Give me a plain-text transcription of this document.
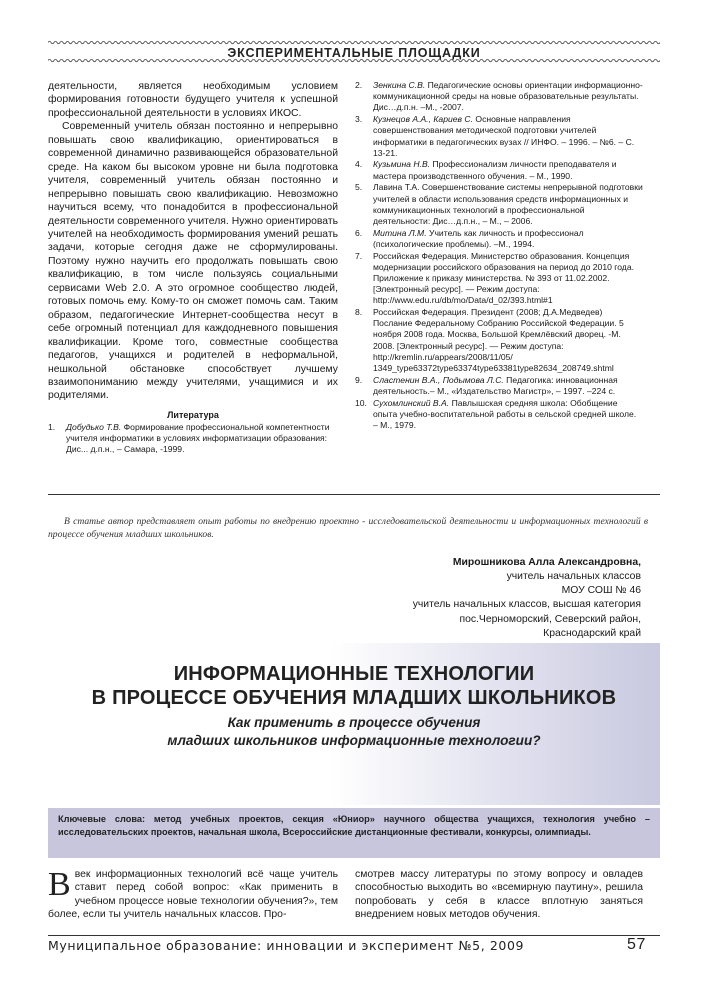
ЭКСПЕРИМЕНТАЛЬНЫЕ ПЛОЩАДКИ

деятельности, является необходимым условием формирования готовности будущего учителя к успешной профессиональной деятельности в условиях ИКОС.

Современный учитель обязан постоянно и непрерывно повышать свою квалификацию, ориентироваться в современной динамично развивающейся образовательной среде. На каком бы высоком уровне ни была подготовка учителя, современный учитель обязан постоянно и непрерывно повышать свою квалификацию. Невозможно научиться всему, что понадобится в профессиональной деятельности современного учителя. Нужно ориентировать учителей на необходимость формирования умений решать задачи, которые сегодня даже не сформулированы. Поэтому нужно научить его продолжать повышать свою квалификацию, в том числе пользуясь социальными сервисами Web 2.0. А это огромное сообщество людей, готовых помочь ему. Кому-то он сможет помочь сам. Таким образом, педагогические Интернет-сообщества несут в себе огромный потенциал для каждодневного повышения квалификации. Кроме того, совместные сообщества педагогов, учащихся и родителей в неформальной, нешкольной обстановке способствует лучшему взаимопониманию между учителями, учащимися и их родителями.

Литература
1. Добудько Т.В. Формирование профессиональной компетентности учителя информатики в условиях информатизации образования: Дис... д.п.н., – Самара, -1999.
2. Зенкина С.В. Педагогические основы ориентации информационно-коммуникационной среды на новые образовательные результаты. Дис…д.п.н. –М., -2007.
3. Кузнецов А.А., Кариев С. Основные направления совершенствования методической подготовки учителей информатики в педагогических вузах // ИНФО. – 1996. – №6. – С. 13-21.
4. Кузьмина Н.В. Профессионализм личности преподавателя и мастера производственного обучения. – М., 1990.
5. Лавина Т.А. Совершенствование системы непрерывной подготовки учителей в области использования средств информационных и коммуникационных технологий в профессиональной деятельности: Дис…д.п.н., – М., – 2006.
6. Митина Л.М. Учитель как личность и профессионал (психологические проблемы). –М., 1994.
7. Российская Федерация. Министерство образования. Концепция модернизации российского образования на период до 2010 года. Приложение к приказу министерства. № 393 от 11.02.2002. [Электронный ресурс]. — Режим доступа: http://www.edu.ru/db/mo/Data/d_02/393.html#1
8. Российская Федерация. Президент (2008; Д.А.Медведев) Послание Федеральному Собранию Российской Федерации. 5 ноября 2008 года. Москва, Большой Кремлёвский дворец. -М. 2008. [Электронный ресурс]. — Режим доступа: http://kremlin.ru/appears/2008/11/05/ 1349_type63372type63374type63381type82634_208749.shtml
9. Сластенин В.А., Подымова Л.С. Педагогика: инновационная деятельность.– М., «Издательство Магистр», – 1997. –224 с.
10. Сухомлинский В.А. Павлышская средняя школа: Обобщение опыта учебно-воспитательной работы в сельской средней школе. – М., 1979.

В статье автор представляет опыт работы по внедрению проектно - исследовательской деятельности и информационных технологий в процессе обучения младших школьников.

Мирошникова Алла Александровна,
учитель начальных классов
МОУ СОШ № 46
учитель начальных классов, высшая категория
пос.Черноморский, Северский район,
Краснодарский край
ИНФОРМАЦИОННЫЕ ТЕХНОЛОГИИ
В ПРОЦЕССЕ ОБУЧЕНИЯ МЛАДШИХ ШКОЛЬНИКОВ
Как применить в процессе обучения
младших школьников информационные технологии?

Ключевые слова: метод учебных проектов, секция «Юниор» научного общества учащихся, технология учебно – исследовательских проектов, начальная школа, Всероссийские дистанционные фестивали, конкурсы, олимпиады.

Ввек информационных технологий всё чаще учитель ставит перед собой вопрос: «Как применить в учебном процессе новые технологии обучения?», тем более, если ты учитель начальных классов. Про-

смотрев массу литературы по этому вопросу и овладев способностью выходить во «всемирную паутину», решила попробовать у себя в классе вплотную заняться внедрением новых методов обучения.

Муниципальное образование: инновации и эксперимент №5, 2009	57
